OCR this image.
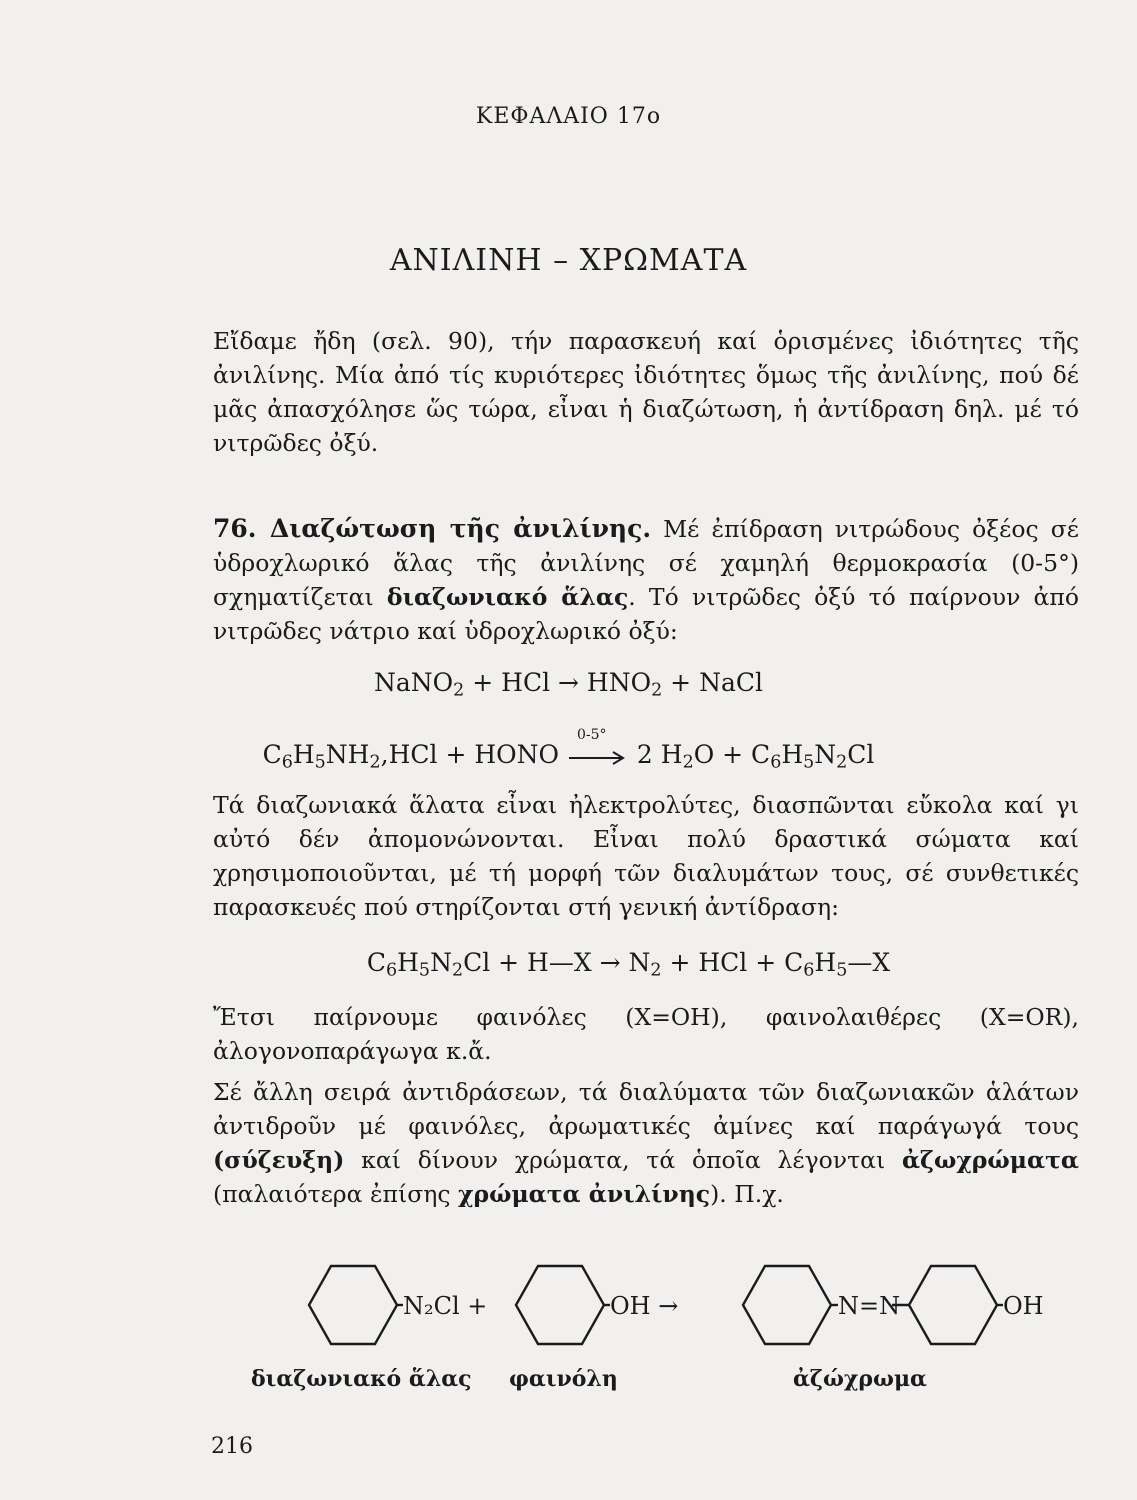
ΚΕΦΑΛΑΙΟ 17ο
ΑΝΙΛΙΝΗ – ΧΡΩΜΑΤΑ
Εἴδαμε ἤδη (σελ. 90), τήν παρασκευή καί ὁρισμένες ἰδιότητες τῆς ἀνιλίνης. Μία ἀπό τίς κυριότερες ἰδιότητες ὅμως τῆς ἀνιλίνης, πού δέ μᾶς ἀπασχόλησε ὥς τώρα, εἶναι ἡ διαζώτωση, ἡ ἀντίδραση δηλ. μέ τό νιτρῶδες ὀξύ.
76. Διαζώτωση τῆς ἀνιλίνης. Μέ ἐπίδραση νιτρώδους ὀξέος σέ ὑδροχλωρικό ἅλας τῆς ἀνιλίνης σέ χαμηλή θερμοκρασία (0-5°) σχηματίζεται διαζωνιακό ἅλας. Τό νιτρῶδες ὀξύ τό παίρνουν ἀπό νιτρῶδες νάτριο καί ὑδροχλωρικό ὀξύ:
NaNO$_2$ + HCl → $HNO_2$ + NaCl
$C_6H_5NH_2,HCl$ + HONO
0-5°
2 $H_2O + C_6H_5N_2Cl$
Τά διαζωνιακά ἅλατα εἶναι ἠλεκτρολύτες, διασπῶνται εὔκολα καί γι αὐτό δέν ἀπομονώνονται. Εἶναι πολύ δραστικά σώματα καί χρησιμοποιοῦνται, μέ τή μορφή τῶν διαλυμάτων τους, σέ συνθετικές παρασκευές πού στηρίζονται στή γενική ἀντίδραση:
$C_6H_5N_2Cl$ + H—X → $N_2$ + HCl + $C_6H_5—X$
Ἔτσι παίρνουμε φαινόλες (X=OH), φαινολαιθέρες (X=OR), ἀλογονοπαράγωγα κ.ἄ.
Σέ ἄλλη σειρά ἀντιδράσεων, τά διαλύματα τῶν διαζωνιακῶν ἁλάτων ἀντιδροῦν μέ φαινόλες, ἀρωματικές ἀμίνες καί παράγωγά τους (σύζευξη) καί δίνουν χρώματα, τά ὁποῖα λέγονται ἀζωχρώματα (παλαιότερα ἐπίσης χρώματα ἀνιλίνης). Π.χ.
N₂Cl +	OH →	N=N	OH
διαζωνιακό ἅλας φαινόλη	ἀζώχρωμα
216
